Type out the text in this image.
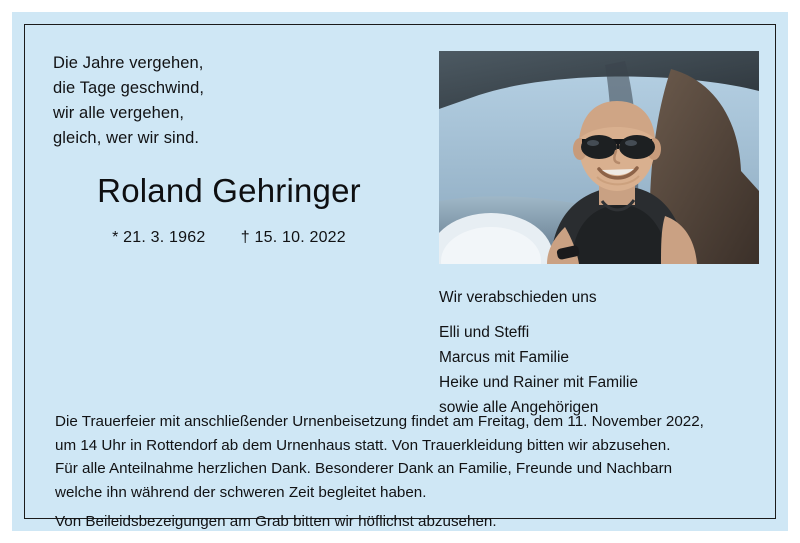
Die Jahre vergehen,
die Tage geschwind,
wir alle vergehen,
gleich, wer wir sind.
Roland Gehringer
* 21. 3. 1962 † 15. 10. 2022
Wir verabschieden uns
Elli und Steffi
Marcus mit Familie
Heike und Rainer mit Familie
sowie alle Angehörigen
Die Trauerfeier mit anschließender Urnenbeisetzung findet am Freitag, dem 11. November 2022,
um 14 Uhr in Rottendorf ab dem Urnenhaus statt. Von Trauerkleidung bitten wir abzusehen.
Für alle Anteilnahme herzlichen Dank. Besonderer Dank an Familie, Freunde und Nachbarn
welche ihn während der schweren Zeit begleitet haben.
Von Beileidsbezeigungen am Grab bitten wir höflichst abzusehen.
